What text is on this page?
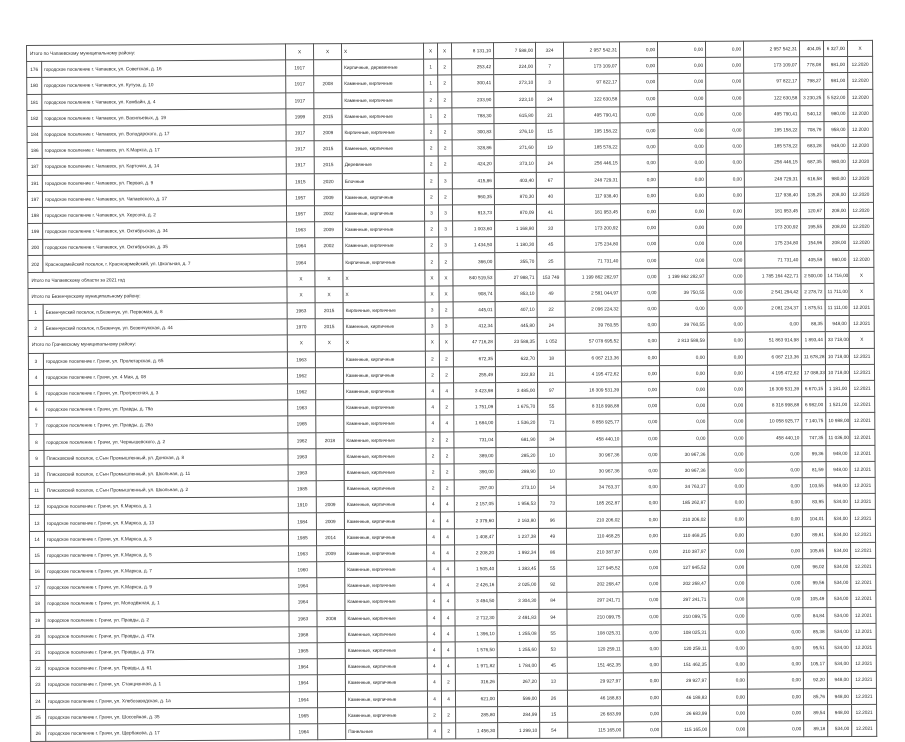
Итого по Чапаевскому муниципальному району:		X	X	X	X	X	8 131,10	7 588,00	324	2 957 542,31	0,00	0,00	0,00	2 957 542,31	404,05	6 327,00	X
176	городское поселение г. Чапаевск, ул. Советская, д. 16	1917		Кирпичные, деревянные	1	2	253,42	224,00	7	173 109,07	0,00	0,00	0,00	173 109,07	778,08	981,00	12.2020
180	городское поселение г. Чапаевск, ул. Кутуза, д. 10	1917	2008	Каменные, кирпичные	1	2	300,41	273,10	3	97 822,17	0,00	0,00	0,00	97 822,17	798,27	981,00	12.2020
181	городское поселение г. Чапаевск, ул. Комбайн, д. 4	1917		Каменные, кирпичные	2	2	233,90	223,10	24	122 630,58	0,00	0,00	0,00	122 630,58	3 230,25	5 522,00	12.2020
182	городское поселение г. Чапаевск, ул. Васильевых, д. 19	1999	2015	Каменные, кирпичные	1	2	788,30	615,80	21	495 790,41	0,00	0,00	0,00	495 790,41	540,12	980,00	12.2020
184	городское поселение г. Чапаевск, ул. Володарского, д. 17	1917	2009	Кирпичные, кирпичные	2	2	300,83	276,10	15	195 158,22	0,00	0,00	0,00	195 158,22	708,79	958,00	12.2020
186	городское поселение г. Чапаевск, ул. К.Маркса, д. 17	1917	2015	Каменные, кирпичные	2	2	328,86	271,60	19	185 578,22	0,00	0,00	0,00	185 578,22	683,28	948,00	12.2020
187	городское поселение г. Чапаевск, ул. Карточки, д. 14	1917	2015	Деревянные	2	2	424,20	373,10	24	256 446,15	0,00	0,00	0,00	256 446,15	687,35	980,00	12.2020
191	городское поселение г. Чапаевск, ул. Первая, д. 9	1915	2020	Блочные	2	3	415,86	403,40	67	248 729,31	0,00	0,00	0,00	248 729,31	616,58	980,00	12.2020
197	городское поселение г. Чапаевск, ул. Чапаевского, д. 17	1957	2009	Каменные, кирпичные	2	2	960,35	870,30	40	117 938,40	0,00	0,00	0,00	117 938,40	135,25	208,00	12.2020
198	городское поселение г. Чапаевск, ул. Херсона, д. 2	1957	2002	Каменные, кирпичные	3	3	913,73	870,09	41	181 953,45	0,00	0,00	0,00	181 953,45	120,67	208,00	12.2020
199	городское поселение г. Чапаевск, ул. Октябрьская, д. 34	1963	2009	Каменные, кирпичные	2	3	1 003,60	1 168,80	33	173 200,92	0,00	0,00	0,00	173 200,92	195,55	208,00	12.2020
200	городское поселение г. Чапаевск, ул. Октябрьская, д. 35	1964	2002	Каменные, кирпичные	2	3	1 434,50	1 180,30	45	175 234,80	0,00	0,00	0,00	175 234,80	154,96	208,00	12.2020
202	Красноармейский поселок, г. Красноармейский, ул. Школьная, д. 7	1964		Кирпичные, кирпичные	2	2	366,00	355,70	25	71 731,40	0,00	0,00	0,00	71 731,40	405,59	980,00	12.2020
Итого по Чапаевскому области за 2021 год		X	X	X	X	X	840 519,53	27 988,71	153 749	1 199 862 282,97	0,00	1 199 862 282,97	0,00	1 785 164 422,71	2 500,00	14 716,00	X
Итого по Безенчукскому муниципальному району:		X	X	X	X	X	908,74	853,10	49	2 581 044,97	0,00	39 750,55	0,00	2 541 294,42	2 278,72	11 711,00	X
1	Безенчукский поселок, п.Безенчук, ул. Первомая, д. 8	1963	2015	Кирпичные, кирпичные	3	2	445,01	407,10	22	2 096 224,32	0,00	0,00	0,00	2 081 234,37	1 875,51	11 111,00	12.2021
2	Безенчукский поселок, п.Безенчук, ул. Безенчукская, д. 44	1970	2015	Каменные, кирпичные	3	3	412,34	445,80	24	39 760,55	0,00	39 760,55	0,00	0,00	88,35	948,00	12.2021
Итого по Грачевскому муниципальному району:		X	X	X	X	X	47 716,28	23 588,35	1 052	57 078 695,52	0,00	2 813 588,59	0,00	51 863 914,98	1 893,44	33 718,00	X
3	городское поселение г. Грачи, ул. Пролетарская, д. 65	1963		Каменные, кирпичные	2	2	672,35	622,70	18	6 067 213,36	0,00	0,00	0,00	6 067 213,36	11 678,28	10 718,00	12.2021
4	городское поселение г. Грачи, ул. 4 Мая, д. 08	1962		Каменные, кирпичные	2	2	255,49	322,93	21	4 195 472,62	0,00	0,00	0,00	4 195 472,62	17 088,33	10 718,00	12.2021
5	городское поселение г. Грачи, ул. Прогрессная, д. 3	1962		Каменные, кирпичные	4	4	3 423,98	3 485,00	97	16 309 531,39	0,00	0,00	0,00	16 309 531,39	6 670,15	1 181,00	12.2021
6	городское поселение г. Грачи, ул. Правды, д. 79а	1963		Каменные, кирпичные	4	2	1 751,09	1 675,70	55	8 318 998,88	0,00	0,00	0,00	8 318 998,88	6 982,00	1 521,00	12.2021
7	городское поселение г. Грачи, ул. Правды, д. 26а	1965		Каменные, кирпичные	4	4	1 684,00	1 536,20	71	8 858 925,77	0,00	0,00	0,00	10 058 925,77	7 140,75	10 988,00	12.2021
8	городское поселение г. Грачи, ул. Чернышевского, д. 2	1962	2018	Каменные, кирпичные	2	2	731,04	681,90	34	458 440,10	0,00	0,00	0,00	458 440,10	747,35	11 036,00	12.2021
9	Плясковский поселок, с.Сын Промышленный, ул. Донская, д. 8	1963		Каменные, кирпичные	2	2	389,00	285,20	10	30 967,36	0,00	30 967,36	0,00	0,00	99,36	948,00	12.2021
10	Плясковский поселок, с.Сын Промышленный, ул. Школьная, д. 11	1963		Каменные, кирпичные	2	2	390,00	289,90	10	30 967,36	0,00	30 967,36	0,00	0,00	81,59	948,00	12.2021
11	Плясковский поселок, с.Сын Промышленный, ул. Школьная, д. 2	1985		Каменные, кирпичные	2	2	297,00	273,10	14	34 763,37	0,00	34 763,37	0,00	0,00	103,55	948,00	12.2021
12	городское поселение г. Грачи, ул. К.Маркса, д. 1	1910	2009	Каменные, кирпичные	4	4	2 157,05	1 956,53	73	185 262,87	0,00	185 262,87	0,00	0,00	83,95	534,00	12.2021
13	городское поселение г. Грачи, ул. К.Маркса, д. 13	1984	2009	Каменные, кирпичные	4	4	2 379,60	2 163,80	96	210 206,02	0,00	210 206,02	0,00	0,00	104,01	534,00	12.2021
14	городское поселение г. Грачи, ул. К.Маркса, д. 3	1985	2014	Каменные, кирпичные	4	4	1 408,47	1 237,38	49	110 468,25	0,00	110 468,25	0,00	0,00	89,61	534,00	12.2021
15	городское поселение г. Грачи, ул. К.Маркса, д. 5	1963	2009	Каменные, кирпичные	4	4	2 208,20	1 992,34	86	210 387,97	0,00	210 387,97	0,00	0,00	105,65	534,00	12.2021
16	городское поселение г. Грачи, ул. К.Маркса, д. 7	1960		Каменные, кирпичные	4	4	1 505,40	1 383,45	55	127 945,52	0,00	127 945,52	0,00	0,00	96,02	534,00	12.2021
17	городское поселение г. Грачи, ул. К.Маркса, д. 9	1964		Каменные, кирпичные	4	4	2 426,16	2 025,00	92	202 268,47	0,00	202 268,47	0,00	0,00	99,56	534,00	12.2021
18	городское поселение г. Грачи, ул. Молодёжная, д. 1	1964		Каменные, кирпичные	4	4	3 494,50	3 304,30	84	297 241,71	0,00	297 241,71	0,00	0,00	105,49	534,00	12.2021
19	городское поселение г. Грачи, ул. Правды, д. 2	1963	2008	Каменные, кирпичные	4	4	2 712,30	2 491,83	94	210 099,75	0,00	210 099,75	0,00	0,00	84,84	534,00	12.2021
20	городское поселение г. Грачи, ул. Правды, д. 47а	1968		Каменные, кирпичные	4	4	1 396,10	1 255,08	55	108 025,31	0,00	108 025,31	0,00	0,00	85,38	534,00	12.2021
21	городское поселение г. Грачи, ул. Правды, д. 37а	1965		Каменные, кирпичные	4	4	1 576,50	1 255,60	53	120 259,11	0,00	120 259,11	0,00	0,00	95,51	534,00	12.2021
22	городское поселение г. Грачи, ул. Правды, д. 61	1964		Каменные, кирпичные	4	4	1 971,82	1 784,00	45	151 462,35	0,00	151 462,35	0,00	0,00	105,17	534,00	12.2021
23	городское поселение г. Грачи, ул. Станционная, д. 1	1964		Каменные, кирпичные	4	2	316,26	267,20	13	29 927,97	0,00	29 927,97	0,00	0,00	92,20	948,00	12.2021
24	городское поселение г. Грачи, ул. Хлебозаводская, д. 1а	1964		Каменные, кирпичные	4	4	621,00	599,00	26	46 188,83	0,00	46 188,83	0,00	0,00	85,76	948,00	12.2021
25	городское поселение г. Грачи, ул. Шоссейная, д. 35	1965		Каменные, кирпичные	2	2	285,80	284,99	15	26 683,99	0,00	26 683,99	0,00	0,00	89,54	948,00	12.2021
26	городское поселение г. Грачи, ул. Щербакова, д. 17	1964		Панельные	4	2	1 456,30	1 299,10	54	115 165,00	0,00	115 165,00	0,00	0,00	89,18	534,00	12.2021
